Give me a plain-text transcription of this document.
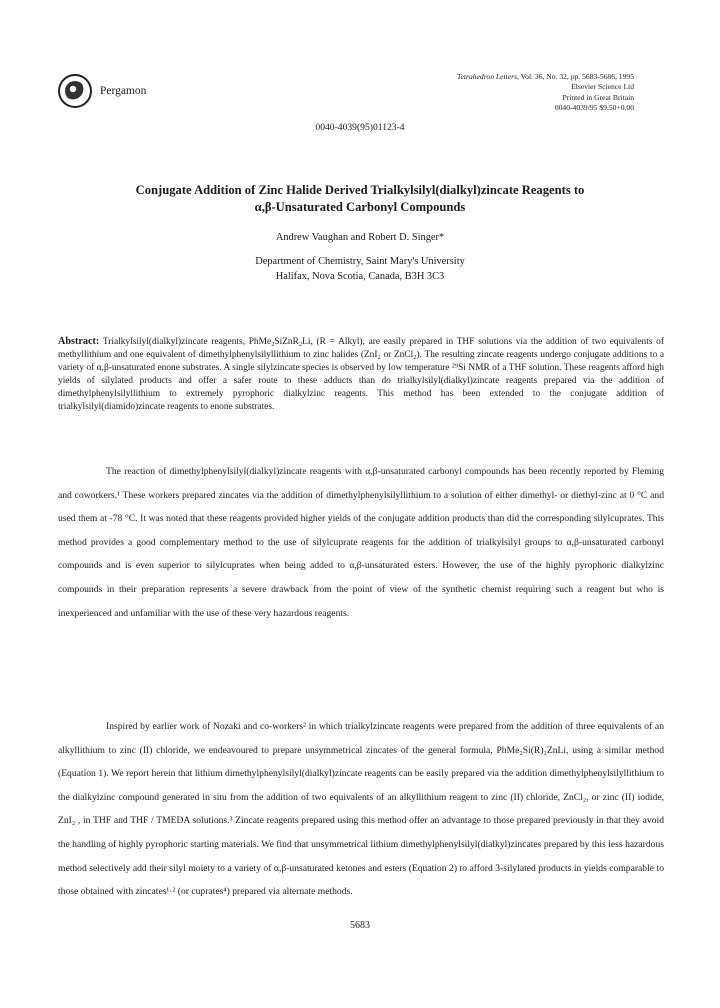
Pergamon
Tetrahedron Letters, Vol. 36, No. 32, pp. 5683-5686, 1995
Elsevier Science Ltd
Printed in Great Britain
0040-4039/95 $9.50+0.00
0040-4039(95)01123-4
Conjugate Addition of Zinc Halide Derived Trialkylsilyl(dialkyl)zincate Reagents to
α,β-Unsaturated Carbonyl Compounds
Andrew Vaughan and Robert D. Singer*
Department of Chemistry, Saint Mary's University
Halifax, Nova Scotia, Canada, B3H 3C3
Abstract: Trialkylsilyl(dialkyl)zincate reagents, PhMe₂SiZnR₂Li, (R = Alkyl), are easily prepared in THF solutions via the addition of two equivalents of methyllithium and one equivalent of dimethylphenylsilyllithium to zinc halides (ZnI₂ or ZnCl₂). The resulting zincate reagents undergo conjugate additions to a variety of α,β-unsaturated enone substrates. A single silylzincate species is observed by low temperature ²⁹Si NMR of a THF solution. These reagents afford high yields of silylated products and offer a safer route to these adducts than do trialkylsilyl(dialkyl)zincate reagents prepared via the addition of dimethylphenylsilyllithium to extremely pyrophoric dialkylzinc reagents. This method has been extended to the conjugate addition of trialkylsilyl(diamido)zincate reagents to enone substrates.
The reaction of dimethylphenylsilyl(dialkyl)zincate reagents with α,β-unsaturated carbonyl compounds has been recently reported by Fleming and coworkers.¹ These workers prepared zincates via the addition of dimethylphenylsilyllithium to a solution of either dimethyl- or diethyl-zinc at 0 °C and used them at -78 °C. It was noted that these reagents provided higher yields of the conjugate addition products than did the corresponding silylcuprates. This method provides a good complementary method to the use of silylcuprate reagents for the addition of trialkylsilyl groups to α,β-unsaturated carbonyl compounds and is even superior to silylcuprates when being added to α,β-unsaturated esters. However, the use of the highly pyrophoric dialkylzinc compounds in their preparation represents a severe drawback from the point of view of the synthetic chemist requiring such a reagent but who is inexperienced and unfamiliar with the use of these very hazardous reagents.
Inspired by earlier work of Nozaki and co-workers² in which trialkylzincate reagents were prepared from the addition of three equivalents of an alkyllithium to zinc (II) chloride, we endeavoured to prepare unsymmetrical zincates of the general formula, PhMe₂Si(R)₂ZnLi, using a similar method (Equation 1). We report herein that lithium dimethylphenylsilyl(dialkyl)zincate reagents can be easily prepared via the addition dimethylphenylsilyllithium to the dialkylzinc compound generated in situ from the addition of two equivalents of an alkyllithium reagent to zinc (II) chloride, ZnCl₂, or zinc (II) iodide, ZnI₂ , in THF and THF / TMEDA solutions.³ Zincate reagents prepared using this method offer an advantage to those prepared previously in that they avoid the handling of highly pyrophoric starting materials. We find that unsymmetrical lithium dimethylphenylsilyl(dialkyl)zincates prepared by this less hazardous method selectively add their silyl moiety to a variety of α,β-unsaturated ketones and esters (Equation 2) to afford 3-silylated products in yields comparable to those obtained with zincates¹·² (or cuprates⁴) prepared via alternate methods.
5683
